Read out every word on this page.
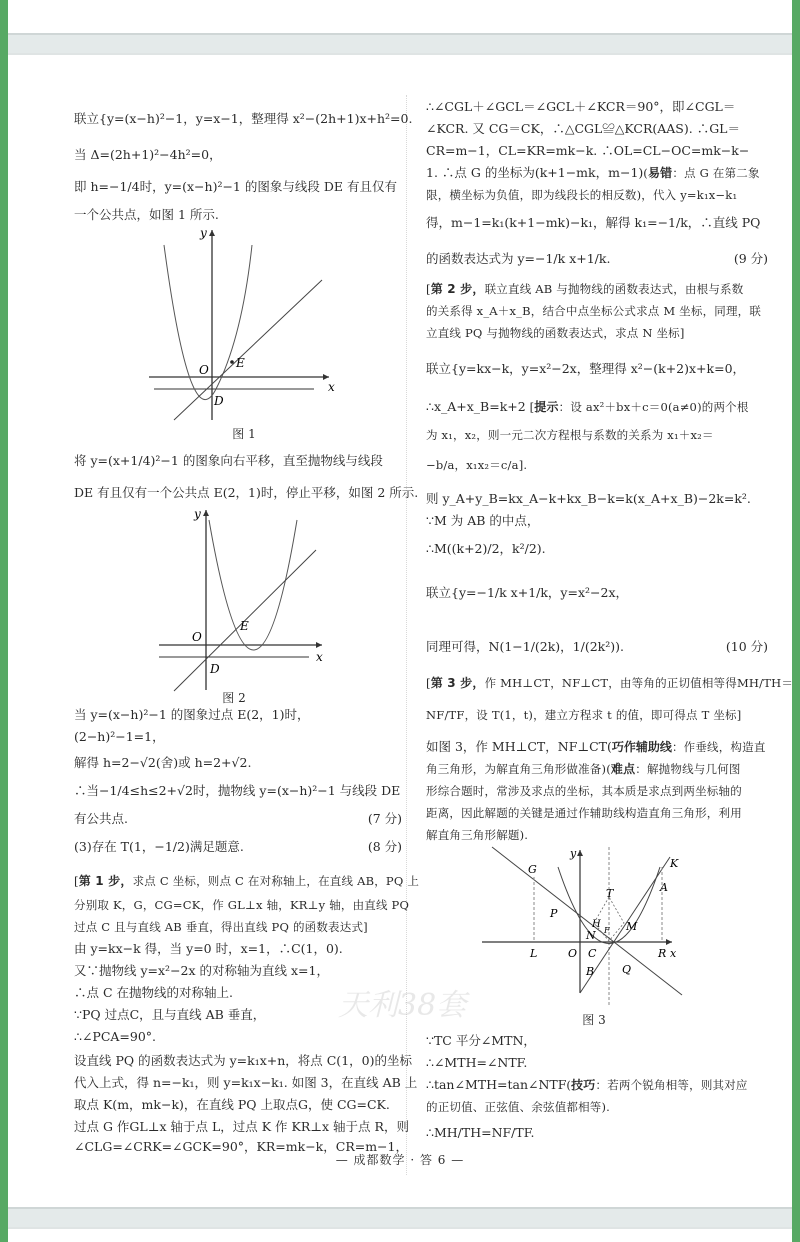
联立{y=(x−h)²−1，y=x−1，整理得 x²−(2h+1)x+h²=0.
当 Δ=(2h+1)²−4h²=0，
即 h=−1/4时，y=(x−h)²−1 的图象与线段 DE 有且仅有
一个公共点，如图 1 所示.
O E
D
y
x
图 1
将 y=(x+1/4)²−1 的图象向右平移，直至抛物线与线段
DE 有且仅有一个公共点 E(2，1)时，停止平移，如图 2 所示.
O
E
D
y
x
图 2
当 y=(x−h)²−1 的图象过点 E(2，1)时，
(2−h)²−1=1，
解得 h=2−√2(舍)或 h=2+√2.
∴当−1/4≤h≤2+√2时，抛物线 y=(x−h)²−1 与线段 DE
有公共点.	(7 分)
(3)存在 T(1，−1/2)满足题意.	(8 分)
[第 1 步，求点 C 坐标，则点 C 在对称轴上，在直线 AB，PQ 上
分别取 K，G，CG=CK，作 GL⊥x 轴，KR⊥y 轴，由直线 PQ
过点 C 且与直线 AB 垂直，得出直线 PQ 的函数表达式]
由 y=kx−k 得，当 y=0 时，x=1，∴C(1，0).
又∵抛物线 y=x²−2x 的对称轴为直线 x=1，
∴点 C 在抛物线的对称轴上.
∵PQ 过点C，且与直线 AB 垂直，
∴∠PCA=90°.
设直线 PQ 的函数表达式为 y=k₁x+n，将点 C(1，0)的坐标
代入上式，得 n=−k₁，则 y=k₁x−k₁. 如图 3，在直线 AB 上
取点 K(m，mk−k)，在直线 PQ 上取点G，使 CG=CK.
过点 G 作GL⊥x 轴于点 L，过点 K 作 KR⊥x 轴于点 R，则
∠CLG=∠CRK=∠GCK=90°，KR=mk−k，CR=m−1，
∴∠CGL＋∠GCL＝∠GCL＋∠KCR＝90°，即∠CGL＝
∠KCR. 又 CG＝CK，∴△CGL≌△KCR(AAS). ∴GL＝
CR=m−1，CL=KR=mk−k. ∴OL=CL−OC=mk−k−
1. ∴点 G 的坐标为(k+1−mk，m−1)(易错：点 G 在第二象
限，横坐标为负值，即为线段长的相反数)，代入 y=k₁x−k₁
得，m−1=k₁(k+1−mk)−k₁，解得 k₁=−1/k，∴直线 PQ
的函数表达式为 y=−1/k x+1/k.	(9 分)
[第 2 步，联立直线 AB 与抛物线的函数表达式，由根与系数
的关系得 x_A＋x_B，结合中点坐标公式求点 M 坐标，同理，联
立直线 PQ 与抛物线的函数表达式，求点 N 坐标]
联立{y=kx−k，y=x²−2x，整理得 x²−(k+2)x+k=0，
∴x_A+x_B=k+2 [提示：设 ax²＋bx＋c＝0(a≠0)的两个根
为 x₁，x₂，则一元二次方程根与系数的关系为 x₁＋x₂＝
−b/a，x₁x₂＝c/a].
则 y_A+y_B=kx_A−k+kx_B−k=k(x_A+x_B)−2k=k².
∵M 为 AB 的中点，
∴M((k+2)/2，k²/2).
联立{y=−1/k x+1/k，y=x²−2x，
同理可得，N(1−1/(2k)，1/(2k²)).	(10 分)
[第 3 步，作 MH⊥CT，NF⊥CT，由等角的正切值相等得MH/TH＝
NF/TF，设 T(1，t)，建立方程求 t 的值，即可得点 T 坐标]
如图 3，作 MH⊥CT，NF⊥CT(巧作辅助线：作垂线，构造直
角三角形，为解直角三角形做准备)(难点：解抛物线与几何图
形综合题时，常涉及求点的坐标，其本质是求点到两坐标轴的
距离，因此解题的关键是通过作辅助线构造直角三角形，利用
解直角三角形解题).
G	K
A
T
P
H
F M
N
L	O C	R
B	Q
y
x
图 3
∵TC 平分∠MTN，
∴∠MTH=∠NTF.
∴tan∠MTH=tan∠NTF(技巧：若两个锐角相等，则其对应
的正切值、正弦值、余弦值都相等).
∴MH/TH=NF/TF.
— 成都数学 · 答 6 —
天利38套
